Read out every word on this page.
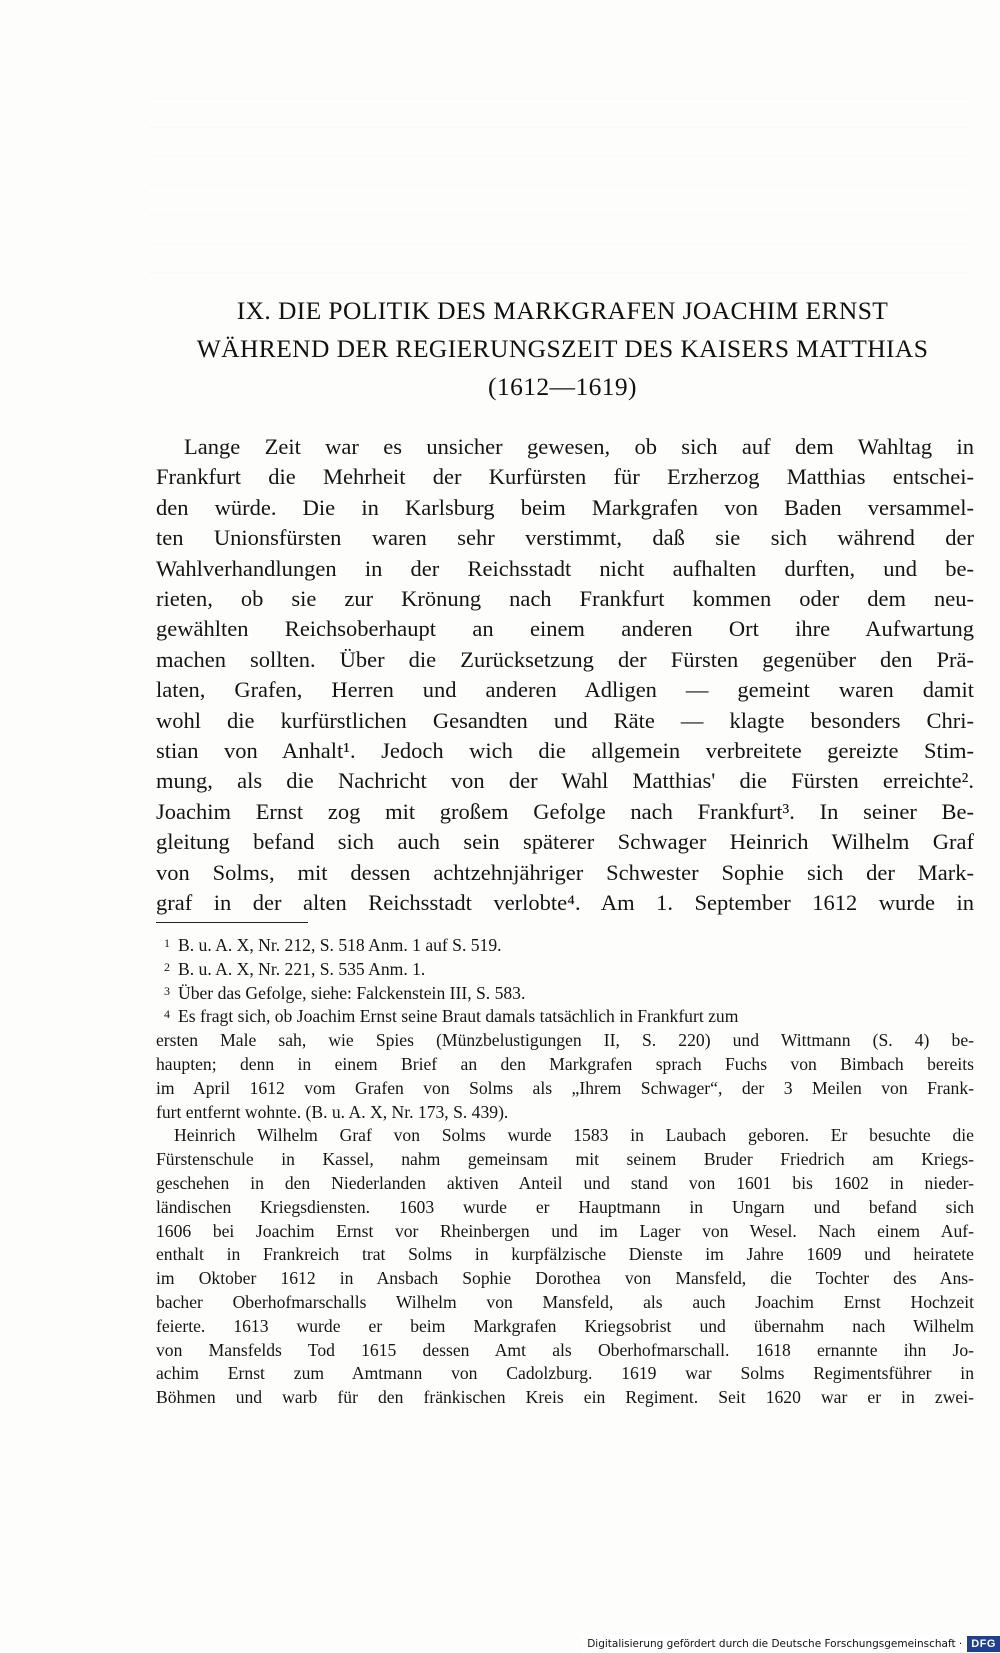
IX. DIE POLITIK DES MARKGRAFEN JOACHIM ERNST
WÄHREND DER REGIERUNGSZEIT DES KAISERS MATTHIAS
(1612—1619)
Lange Zeit war es unsicher gewesen, ob sich auf dem Wahltag in
Frankfurt die Mehrheit der Kurfürsten für Erzherzog Matthias entschei-
den würde. Die in Karlsburg beim Markgrafen von Baden versammel-
ten Unionsfürsten waren sehr verstimmt, daß sie sich während der
Wahlverhandlungen in der Reichsstadt nicht aufhalten durften, und be-
rieten, ob sie zur Krönung nach Frankfurt kommen oder dem neu-
gewählten Reichsoberhaupt an einem anderen Ort ihre Aufwartung
machen sollten. Über die Zurücksetzung der Fürsten gegenüber den Prä-
laten, Grafen, Herren und anderen Adligen — gemeint waren damit
wohl die kurfürstlichen Gesandten und Räte — klagte besonders Chri-
stian von Anhalt¹. Jedoch wich die allgemein verbreitete gereizte Stim-
mung, als die Nachricht von der Wahl Matthias' die Fürsten erreichte².
Joachim Ernst zog mit großem Gefolge nach Frankfurt³. In seiner Be-
gleitung befand sich auch sein späterer Schwager Heinrich Wilhelm Graf
von Solms, mit dessen achtzehnjähriger Schwester Sophie sich der Mark-
graf in der alten Reichsstadt verlobte⁴. Am 1. September 1612 wurde in
1 B. u. A. X, Nr. 212, S. 518 Anm. 1 auf S. 519.
2 B. u. A. X, Nr. 221, S. 535 Anm. 1.
3 Über das Gefolge, siehe: Falckenstein III, S. 583.
4 Es fragt sich, ob Joachim Ernst seine Braut damals tatsächlich in Frankfurt zum
ersten Male sah, wie Spies (Münzbelustigungen II, S. 220) und Wittmann (S. 4) be-
haupten; denn in einem Brief an den Markgrafen sprach Fuchs von Bimbach bereits
im April 1612 vom Grafen von Solms als „Ihrem Schwager“, der 3 Meilen von Frank-
furt entfernt wohnte. (B. u. A. X, Nr. 173, S. 439).
Heinrich Wilhelm Graf von Solms wurde 1583 in Laubach geboren. Er besuchte die
Fürstenschule in Kassel, nahm gemeinsam mit seinem Bruder Friedrich am Kriegs-
geschehen in den Niederlanden aktiven Anteil und stand von 1601 bis 1602 in nieder-
ländischen Kriegsdiensten. 1603 wurde er Hauptmann in Ungarn und befand sich
1606 bei Joachim Ernst vor Rheinbergen und im Lager von Wesel. Nach einem Auf-
enthalt in Frankreich trat Solms in kurpfälzische Dienste im Jahre 1609 und heiratete
im Oktober 1612 in Ansbach Sophie Dorothea von Mansfeld, die Tochter des Ans-
bacher Oberhofmarschalls Wilhelm von Mansfeld, als auch Joachim Ernst Hochzeit
feierte. 1613 wurde er beim Markgrafen Kriegsobrist und übernahm nach Wilhelm
von Mansfelds Tod 1615 dessen Amt als Oberhofmarschall. 1618 ernannte ihn Jo-
achim Ernst zum Amtmann von Cadolzburg. 1619 war Solms Regimentsführer in
Böhmen und warb für den fränkischen Kreis ein Regiment. Seit 1620 war er in zwei-
Digitalisierung gefördert durch die Deutsche Forschungsgemeinschaft · DFG
